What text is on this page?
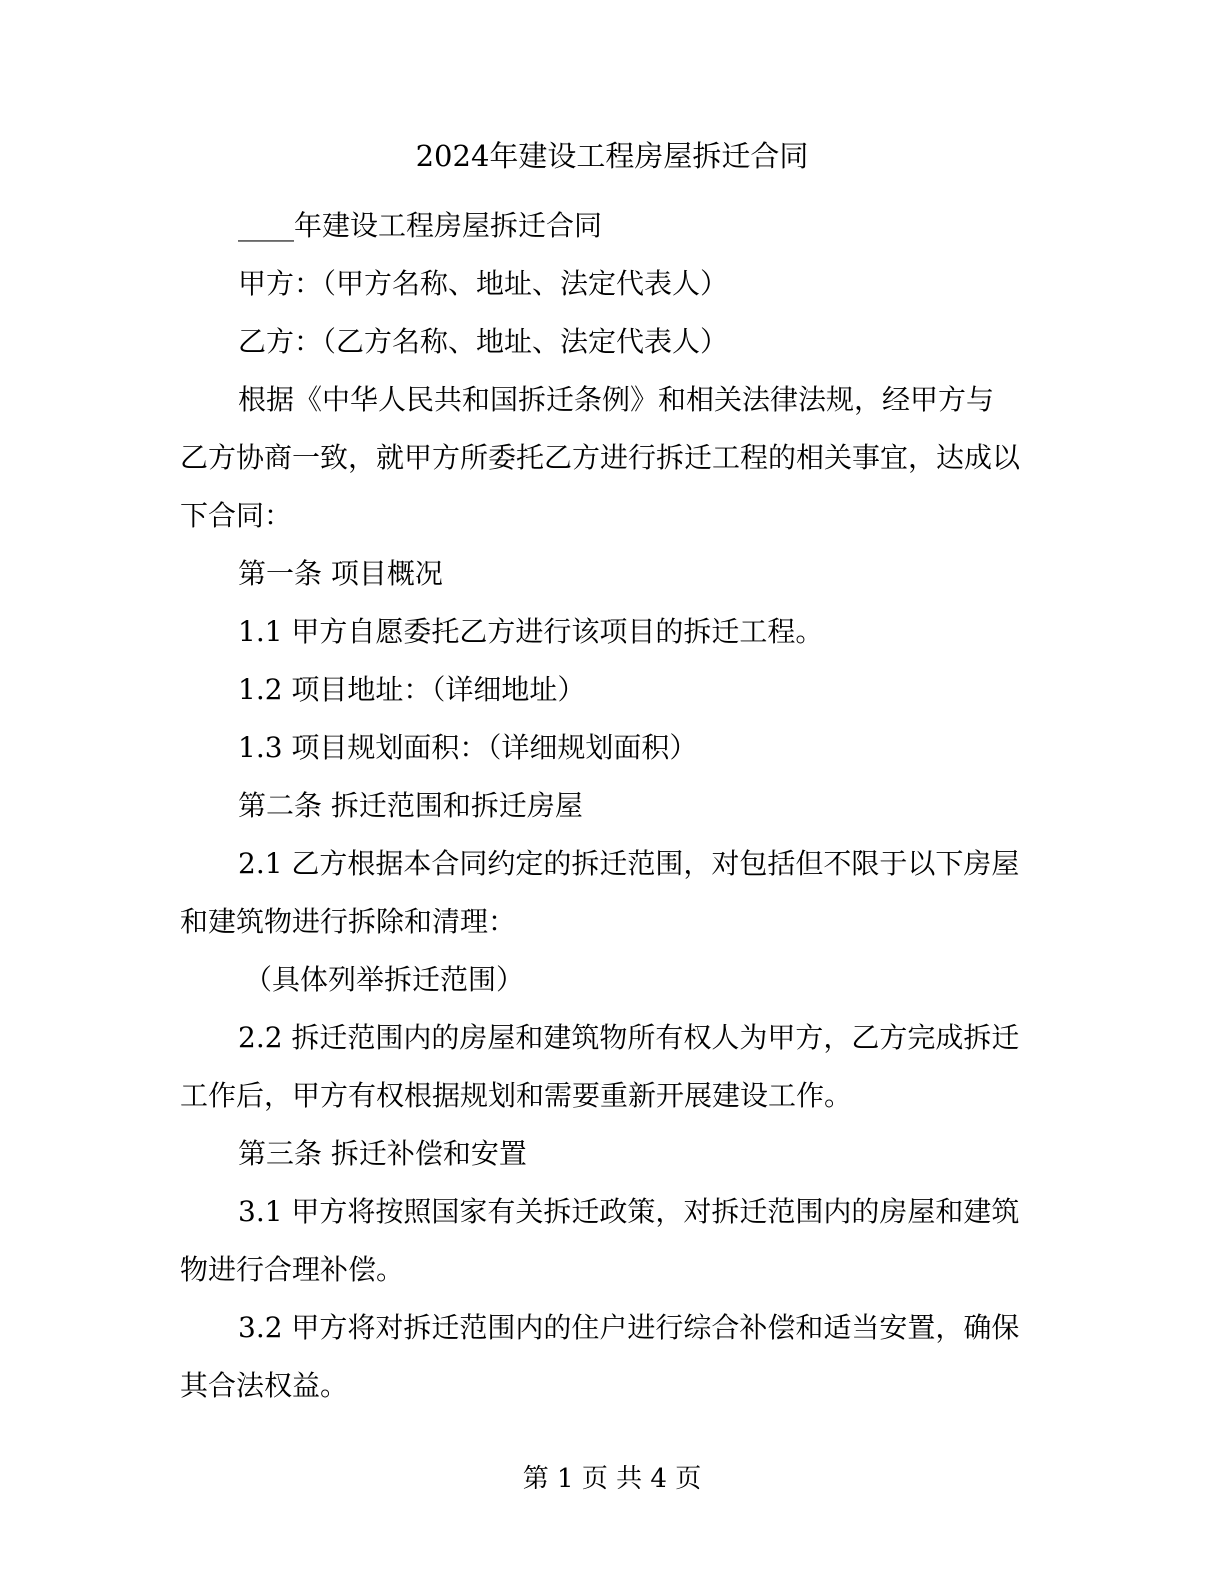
2024年建设工程房屋拆迁合同

____年建设工程房屋拆迁合同

甲方：（甲方名称、地址、法定代表人）

乙方：（乙方名称、地址、法定代表人）

根据《中华人民共和国拆迁条例》和相关法律法规，经甲方与乙方协商一致，就甲方所委托乙方进行拆迁工程的相关事宜，达成以下合同：

第一条 项目概况

1.1 甲方自愿委托乙方进行该项目的拆迁工程。

1.2 项目地址：（详细地址）

1.3 项目规划面积：（详细规划面积）

第二条 拆迁范围和拆迁房屋

2.1 乙方根据本合同约定的拆迁范围，对包括但不限于以下房屋和建筑物进行拆除和清理：

（具体列举拆迁范围）

2.2 拆迁范围内的房屋和建筑物所有权人为甲方，乙方完成拆迁工作后，甲方有权根据规划和需要重新开展建设工作。

第三条 拆迁补偿和安置

3.1 甲方将按照国家有关拆迁政策，对拆迁范围内的房屋和建筑物进行合理补偿。

3.2 甲方将对拆迁范围内的住户进行综合补偿和适当安置，确保其合法权益。

第 1 页 共 4 页
